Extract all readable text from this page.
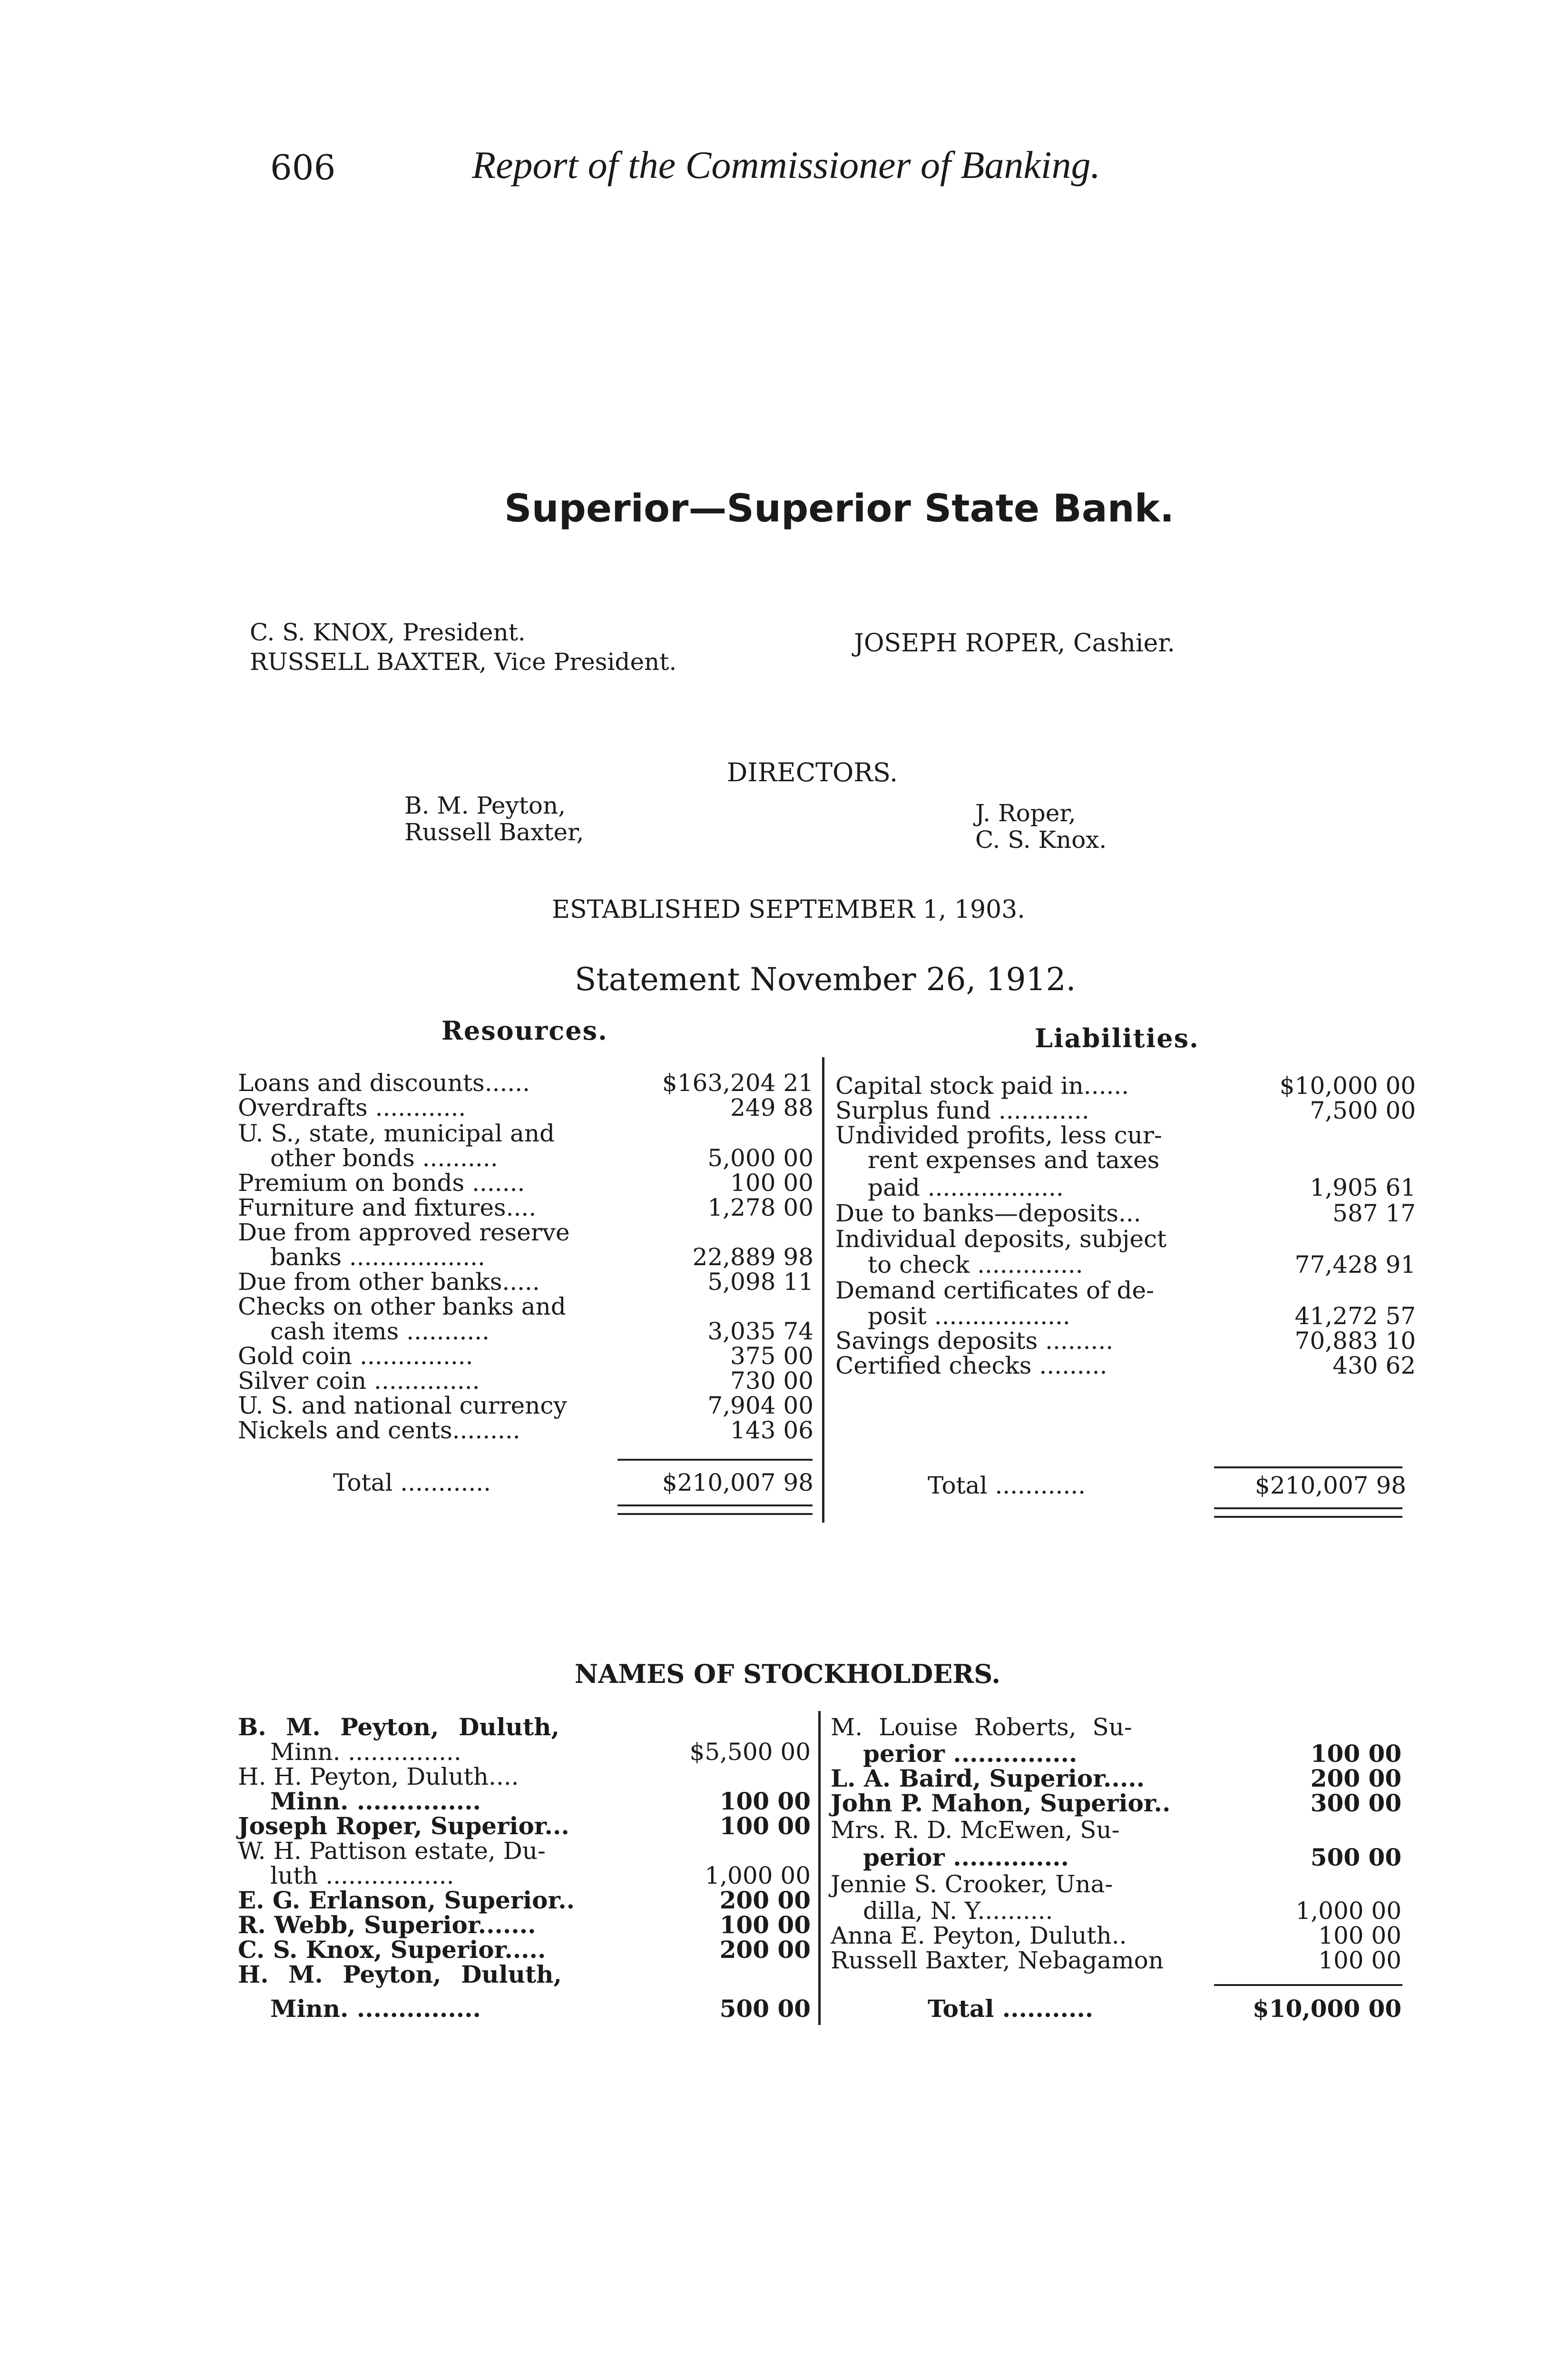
606	Report of the Commissioner of Banking.
Superior—Superior State Bank.
C. S. KNOX, President.
RUSSELL BAXTER, Vice President.
JOSEPH ROPER, Cashier.
DIRECTORS.
B. M. Peyton,
Russell Baxter,
J. Roper,
C. S. Knox.
ESTABLISHED SEPTEMBER 1, 1903.
Statement November 26, 1912.
Resources.	Liabilities.
Loans and discounts......	$163,204 21
Overdrafts ............	249 88
U. S., state, municipal and
other bonds ..........	5,000 00
Premium on bonds .......	100 00
Furniture and fixtures....	1,278 00
Due from approved reserve
banks ..................	22,889 98
Due from other banks.....	5,098 11
Checks on other banks and
cash items ...........	3,035 74
Gold coin ...............	375 00
Silver coin ..............	730 00
U. S. and national currency	7,904 00
Nickels and cents.........	143 06
Total ............	$210,007 98
Capital stock paid in......	$10,000 00
Surplus fund ............	7,500 00
Undivided profits, less cur-
rent expenses and taxes
paid ..................	1,905 61
Due to banks—deposits...	587 17
Individual deposits, subject
to check ..............	77,428 91
Demand certificates of de-
posit ..................	41,272 57
Savings deposits .........	70,883 10
Certified checks .........	430 62
Total ............	$210,007 98
NAMES OF STOCKHOLDERS.
B. M. Peyton, Duluth,
Minn. ...............	$5,500 00
H. H. Peyton, Duluth....
Minn. ...............	100 00
Joseph Roper, Superior...	100 00
W. H. Pattison estate, Du-
luth .................	1,000 00
E. G. Erlanson, Superior..	200 00
R. Webb, Superior.......	100 00
C. S. Knox, Superior.....	200 00
H. M. Peyton, Duluth,
Minn. ...............	500 00
M. Louise Roberts, Su-
perior ...............	100 00
L. A. Baird, Superior.....	200 00
John P. Mahon, Superior..	300 00
Mrs. R. D. McEwen, Su-
perior ..............	500 00
Jennie S. Crooker, Una-
dilla, N. Y..........	1,000 00
Anna E. Peyton, Duluth..	100 00
Russell Baxter, Nebagamon	100 00
Total ...........	$10,000 00
